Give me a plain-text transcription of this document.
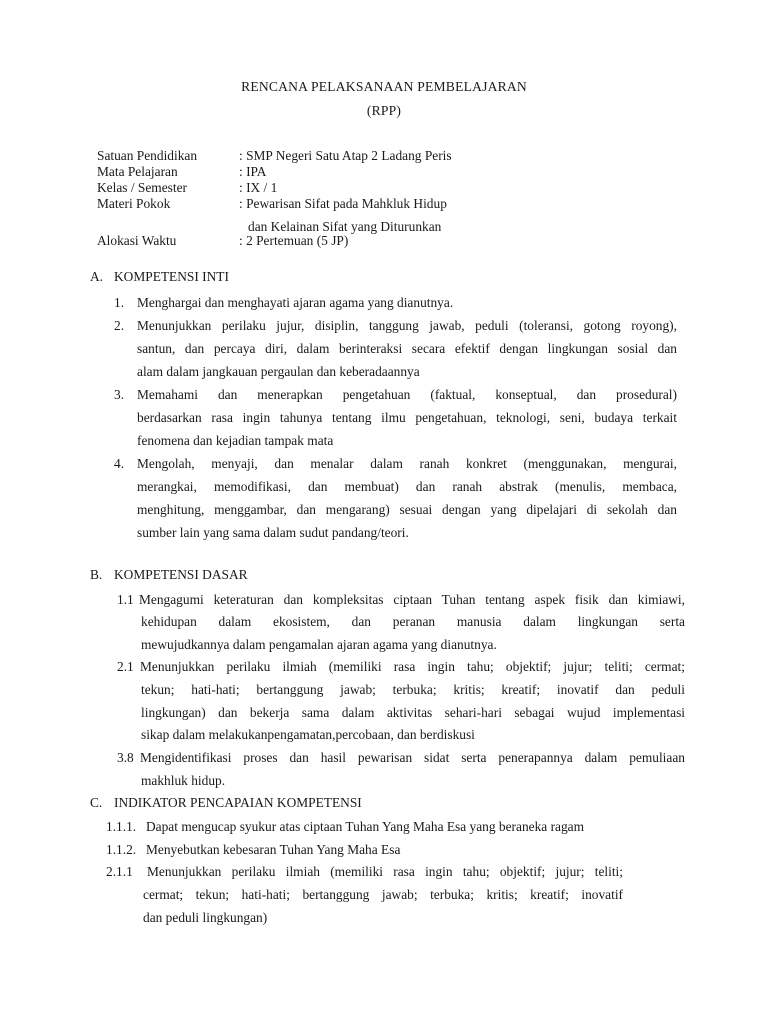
RENCANA PELAKSANAAN PEMBELAJARAN
(RPP)
Satuan Pendidikan	: SMP Negeri Satu Atap 2 Ladang Peris
Mata Pelajaran	: IPA
Kelas / Semester	: IX / 1
Materi Pokok	: Pewarisan Sifat pada Mahkluk Hidup
dan Kelainan Sifat yang Diturunkan
Alokasi Waktu	: 2 Pertemuan (5 JP)
A. KOMPETENSI INTI
1. Menghargai dan menghayati ajaran agama yang dianutnya.
2. Menunjukkan perilaku jujur, disiplin, tanggung jawab, peduli (toleransi, gotong royong),
santun, dan percaya diri, dalam berinteraksi secara efektif dengan lingkungan sosial dan
alam dalam jangkauan pergaulan dan keberadaannya
3. Memahami dan menerapkan pengetahuan (faktual, konseptual, dan prosedural)
berdasarkan rasa ingin tahunya tentang ilmu pengetahuan, teknologi, seni, budaya terkait
fenomena dan kejadian tampak mata
4. Mengolah, menyaji, dan menalar dalam ranah konkret (menggunakan, mengurai,
merangkai, memodifikasi, dan membuat) dan ranah abstrak (menulis, membaca,
menghitung, menggambar, dan mengarang) sesuai dengan yang dipelajari di sekolah dan
sumber lain yang sama dalam sudut pandang/teori.
B. KOMPETENSI DASAR
1.1 Mengagumi keteraturan dan kompleksitas ciptaan Tuhan tentang aspek fisik dan kimiawi,
kehidupan dalam ekosistem, dan peranan manusia dalam lingkungan serta
mewujudkannya dalam pengamalan ajaran agama yang dianutnya.
2.1 Menunjukkan perilaku ilmiah (memiliki rasa ingin tahu; objektif; jujur; teliti; cermat;
tekun; hati-hati; bertanggung jawab; terbuka; kritis; kreatif; inovatif dan peduli
lingkungan) dan bekerja sama dalam aktivitas sehari-hari sebagai wujud implementasi
sikap dalam melakukanpengamatan,percobaan, dan berdiskusi
3.8 Mengidentifikasi proses dan hasil pewarisan sidat serta penerapannya dalam pemuliaan
makhluk hidup.
C. INDIKATOR PENCAPAIAN KOMPETENSI
1.1.1. Dapat mengucap syukur atas ciptaan Tuhan Yang Maha Esa yang beraneka ragam
1.1.2. Menyebutkan kebesaran Tuhan Yang Maha Esa
2.1.1 Menunjukkan perilaku ilmiah (memiliki rasa ingin tahu; objektif; jujur; teliti;
cermat; tekun; hati-hati; bertanggung jawab; terbuka; kritis; kreatif; inovatif
dan peduli lingkungan)
